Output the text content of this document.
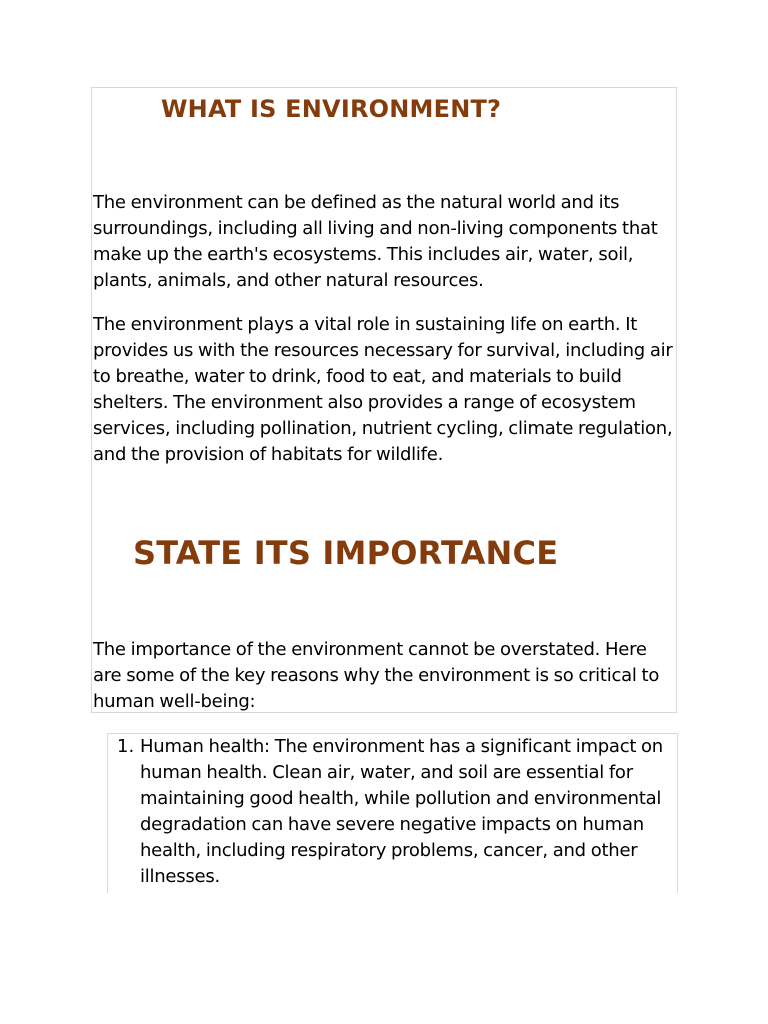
WHAT IS ENVIRONMENT?

The environment can be defined as the natural world and its surroundings, including all living and non-living components that make up the earth's ecosystems. This includes air, water, soil, plants, animals, and other natural resources.

The environment plays a vital role in sustaining life on earth. It provides us with the resources necessary for survival, including air to breathe, water to drink, food to eat, and materials to build shelters. The environment also provides a range of ecosystem services, including pollination, nutrient cycling, climate regulation, and the provision of habitats for wildlife.

STATE ITS IMPORTANCE

The importance of the environment cannot be overstated. Here are some of the key reasons why the environment is so critical to human well-being:

1. Human health: The environment has a significant impact on human health. Clean air, water, and soil are essential for maintaining good health, while pollution and environmental degradation can have severe negative impacts on human health, including respiratory problems, cancer, and other illnesses.
